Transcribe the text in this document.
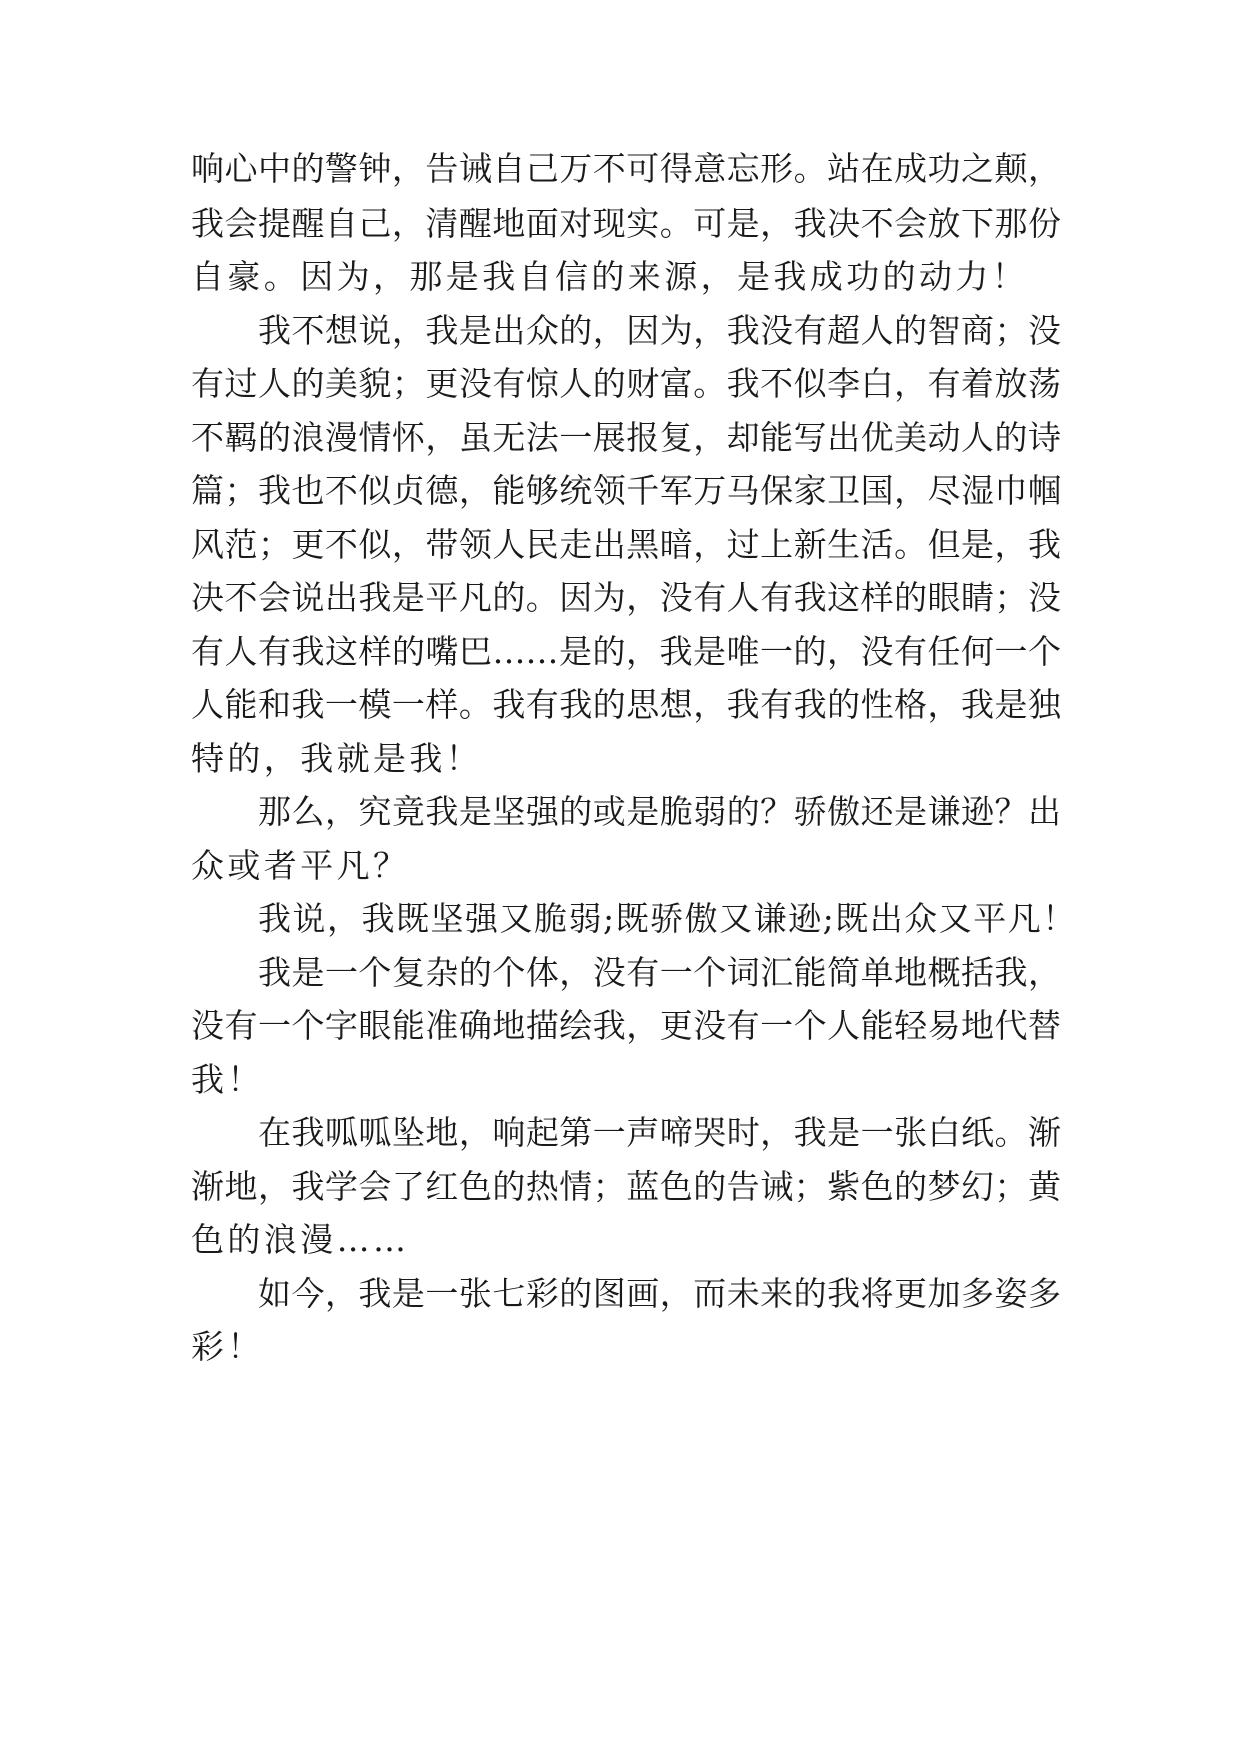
响心中的警钟，告诫自己万不可得意忘形。站在成功之颠，
我会提醒自己，清醒地面对现实。可是，我决不会放下那份
自豪。因为，那是我自信的来源，是我成功的动力！
我不想说，我是出众的，因为，我没有超人的智商；没
有过人的美貌；更没有惊人的财富。我不似李白，有着放荡
不羁的浪漫情怀，虽无法一展报复，却能写出优美动人的诗
篇；我也不似贞德，能够统领千军万马保家卫国，尽湿巾帼
风范；更不似，带领人民走出黑暗，过上新生活。但是，我
决不会说出我是平凡的。因为，没有人有我这样的眼睛；没
有人有我这样的嘴巴……是的，我是唯一的，没有任何一个
人能和我一模一样。我有我的思想，我有我的性格，我是独
特的，我就是我！
那么，究竟我是坚强的或是脆弱的？骄傲还是谦逊？出
众或者平凡？
我说，我既坚强又脆弱;既骄傲又谦逊;既出众又平凡！
我是一个复杂的个体，没有一个词汇能简单地概括我，
没有一个字眼能准确地描绘我，更没有一个人能轻易地代替
我！
在我呱呱坠地，响起第一声啼哭时，我是一张白纸。渐
渐地，我学会了红色的热情；蓝色的告诫；紫色的梦幻；黄
色的浪漫……
如今，我是一张七彩的图画，而未来的我将更加多姿多
彩！
